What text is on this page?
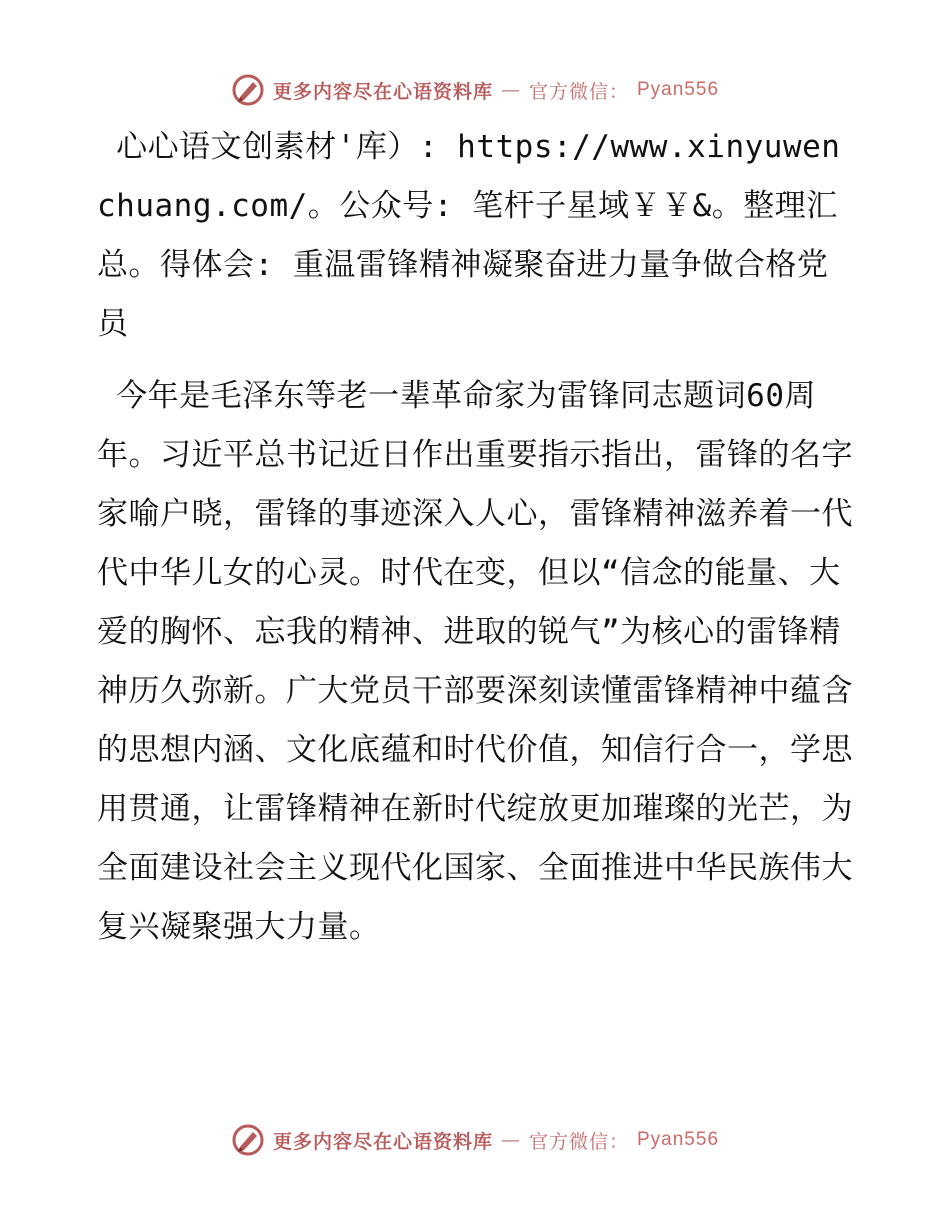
更多内容尽在心语资料库 — 官方微信： Pyan556

心心语文创素材'库）: https://www.xinyuwenchuang.com/。公众号: 笔杆子星域￥￥&。整理汇总。得体会: 重温雷锋精神凝聚奋进力量争做合格党员

今年是毛泽东等老一辈革命家为雷锋同志题词60周年。习近平总书记近日作出重要指示指出，雷锋的名字家喻户晓，雷锋的事迹深入人心，雷锋精神滋养着一代代中华儿女的心灵。时代在变，但以“信念的能量、大爱的胸怀、忘我的精神、进取的锐气”为核心的雷锋精神历久弥新。广大党员干部要深刻读懂雷锋精神中蕴含的思想内涵、文化底蕴和时代价值，知信行合一，学思用贯通，让雷锋精神在新时代绽放更加璀璨的光芒，为全面建设社会主义现代化国家、全面推进中华民族伟大复兴凝聚强大力量。

更多内容尽在心语资料库 — 官方微信： Pyan556
